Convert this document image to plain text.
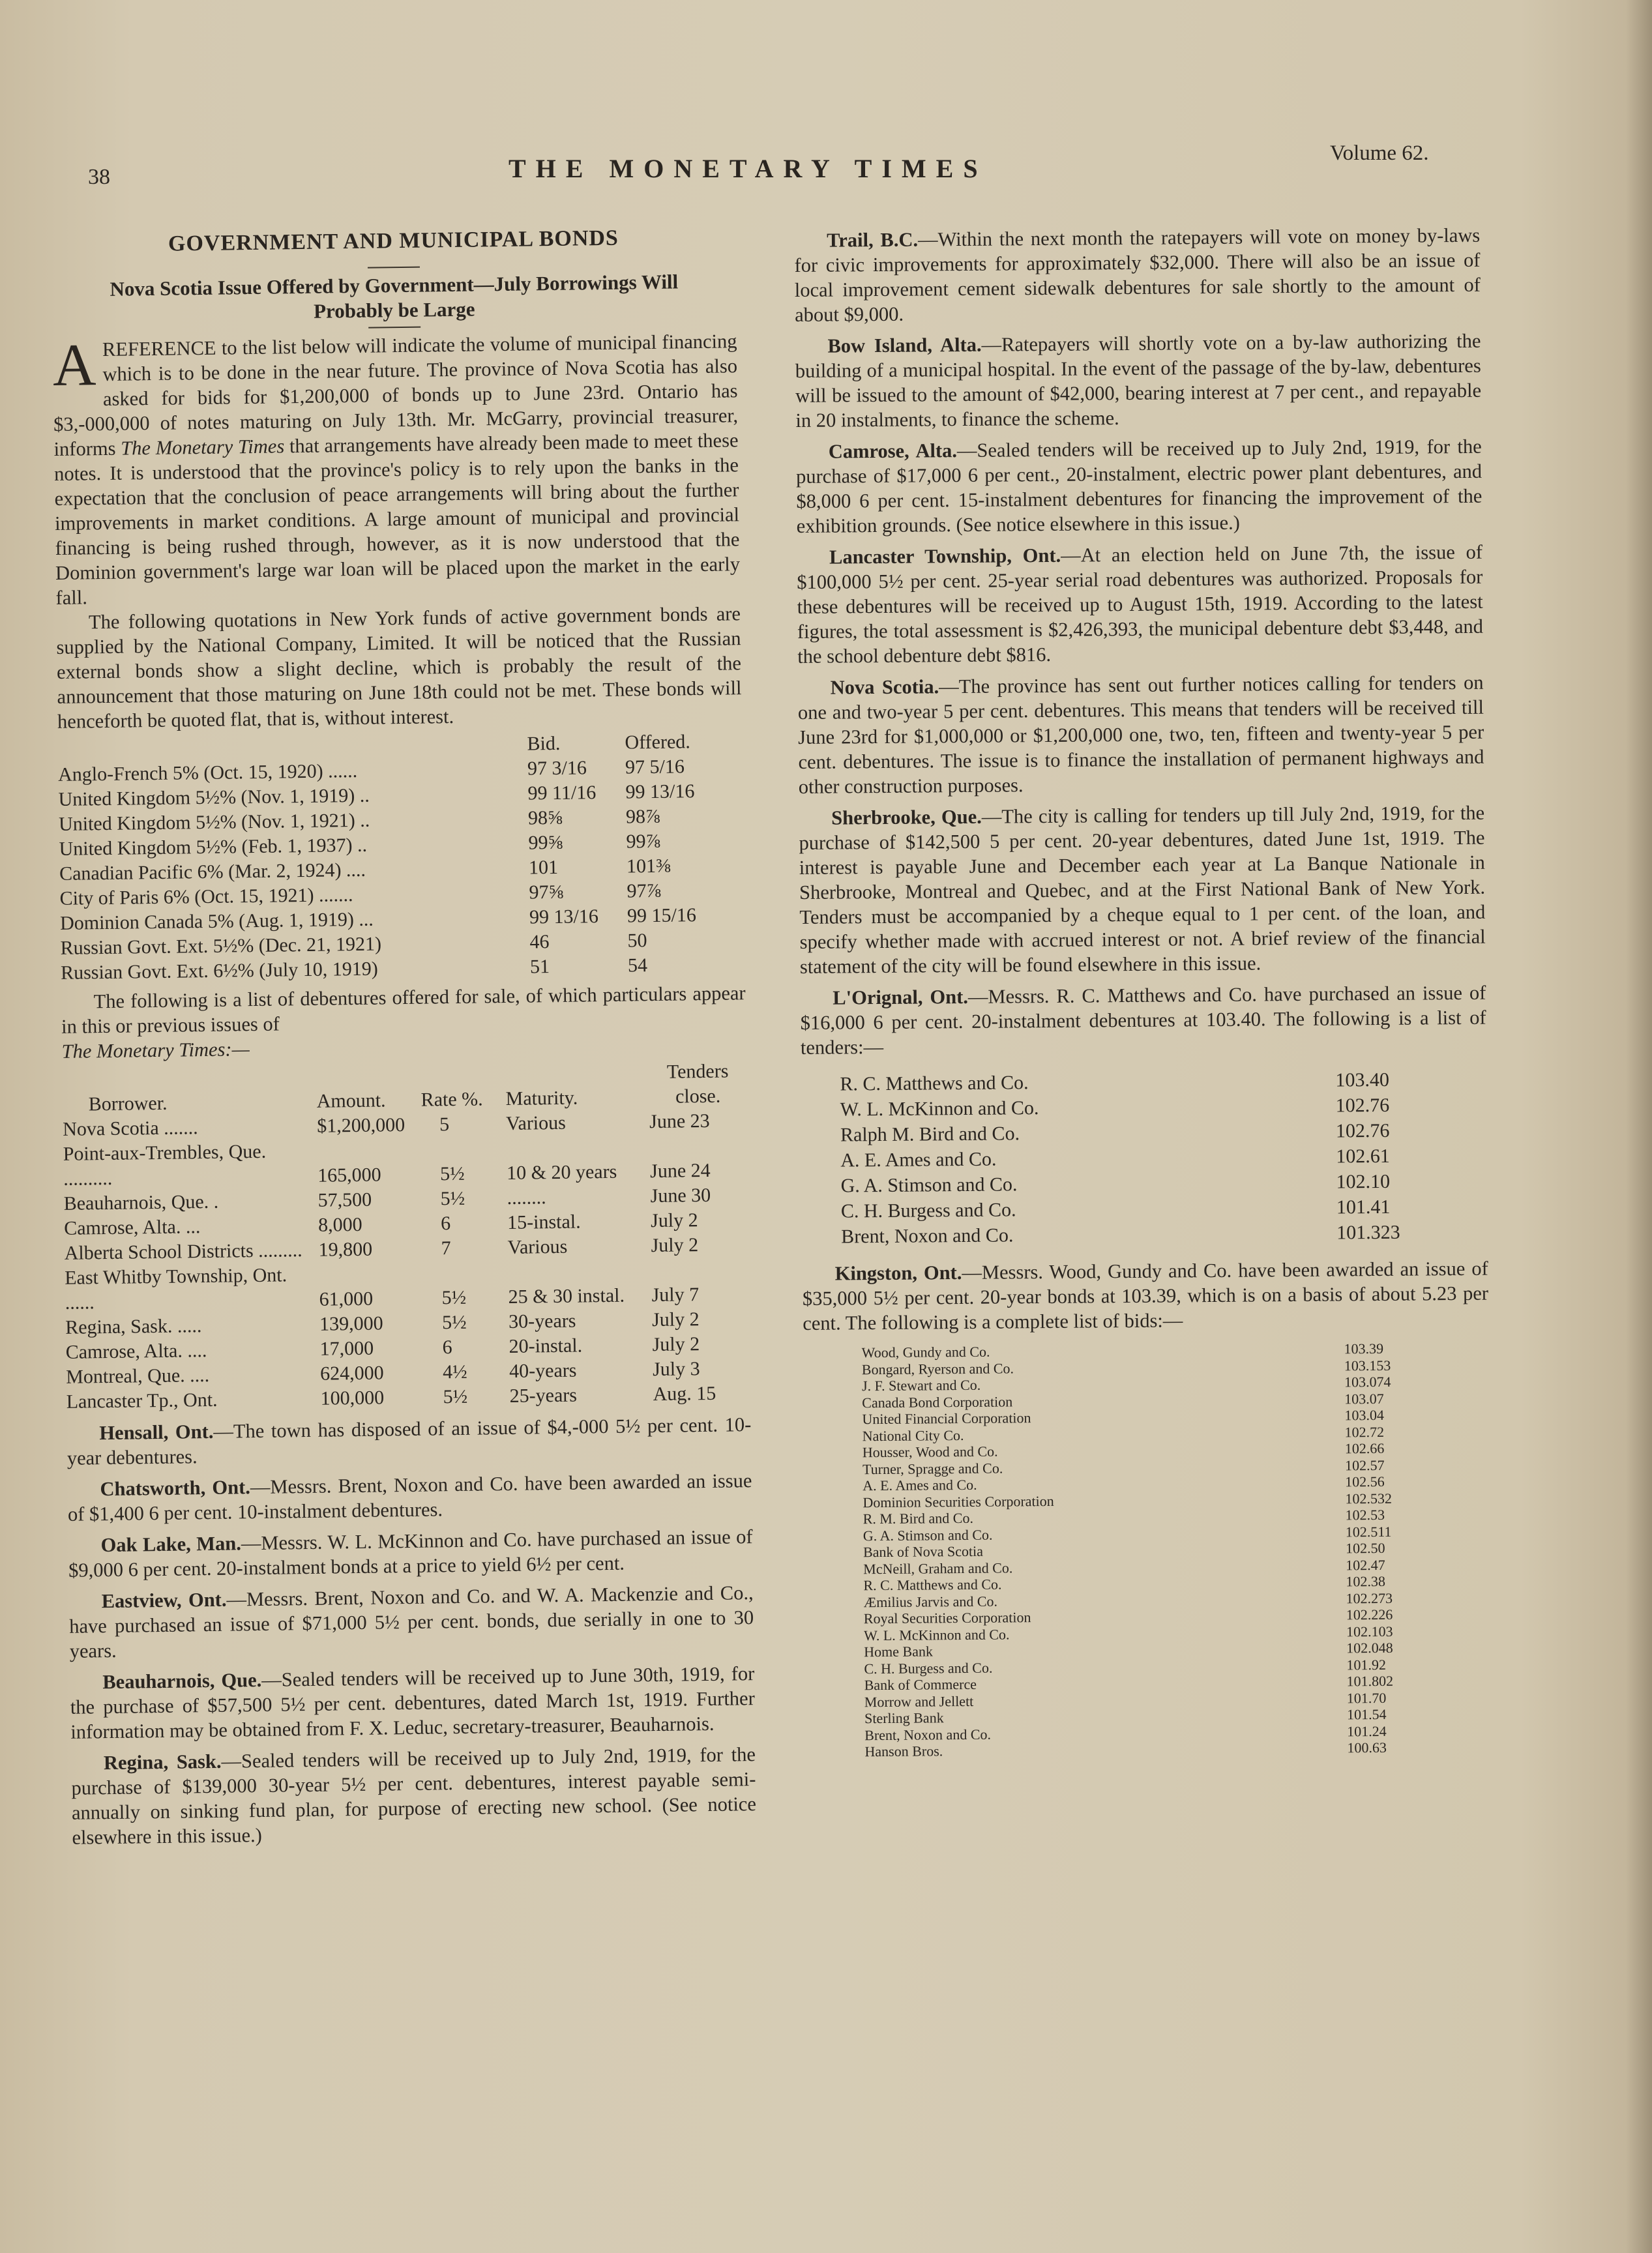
38	THE MONETARY TIMES
Volume 62.
GOVERNMENT AND MUNICIPAL BONDS
Nova Scotia Issue Offered by Government—July Borrowings Will Probably be Large

AREFERENCE to the list below will indicate the volume of municipal financing which is to be done in the near future. The province of Nova Scotia has also asked for bids for $1,200,000 of bonds up to June 23rd. Ontario has $3,-000,000 of notes maturing on July 13th. Mr. McGarry, provincial treasurer, informs The Monetary Times that arrangements have already been made to meet these notes. It is understood that the province's policy is to rely upon the banks in the expectation that the conclusion of peace arrangements will bring about the further improvements in market conditions. A large amount of municipal and provincial financing is being rushed through, however, as it is now understood that the Dominion government's large war loan will be placed upon the market in the early fall.

The following quotations in New York funds of active government bonds are supplied by the National Company, Limited. It will be noticed that the Russian external bonds show a slight decline, which is probably the result of the announcement that those maturing on June 18th could not be met. These bonds will henceforth be quoted flat, that is, without interest.

	Bid.	Offered.
Anglo-French 5% (Oct. 15, 1920) ......	97 3/16	97 5/16
United Kingdom 5½% (Nov. 1, 1919) ..	99 11/16	99 13/16
United Kingdom 5½% (Nov. 1, 1921) ..	98⅝	98⅞
United Kingdom 5½% (Feb. 1, 1937) ..	99⅝	99⅞
Canadian Pacific 6% (Mar. 2, 1924) ....	101	101⅜
City of Paris 6% (Oct. 15, 1921) .......	97⅝	97⅞
Dominion Canada 5% (Aug. 1, 1919) ...	99 13/16	99 15/16
Russian Govt. Ext. 5½% (Dec. 21, 1921)	46	50
Russian Govt. Ext. 6½% (July 10, 1919)	51	54

The following is a list of debentures offered for sale, of which particulars appear in this or previous issues of
The Monetary Times:—

Borrower.	Amount.	Rate %.	Maturity.	Tenders close.
Nova Scotia .......	$1,200,000	5	Various	June 23
Point-aux-Trembles, Que. ..........	165,000	5½	10 & 20 years	June 24
Beauharnois, Que. .	57,500	5½	........	June 30
Camrose, Alta. ...	8,000	6	15-instal.	July 2
Alberta School Districts .........	19,800	7	Various	July 2
East Whitby Township, Ont. ......	61,000	5½	25 & 30 instal.	July 7
Regina, Sask. .....	139,000	5½	30-years	July 2
Camrose, Alta. ....	17,000	6	20-instal.	July 2
Montreal, Que. ....	624,000	4½	40-years	July 3
Lancaster Tp., Ont.	100,000	5½	25-years	Aug. 15

Hensall, Ont.—The town has disposed of an issue of $4,-000 5½ per cent. 10-year debentures.

Chatsworth, Ont.—Messrs. Brent, Noxon and Co. have been awarded an issue of $1,400 6 per cent. 10-instalment debentures.

Oak Lake, Man.—Messrs. W. L. McKinnon and Co. have purchased an issue of $9,000 6 per cent. 20-instalment bonds at a price to yield 6½ per cent.

Eastview, Ont.—Messrs. Brent, Noxon and Co. and W. A. Mackenzie and Co., have purchased an issue of $71,000 5½ per cent. bonds, due serially in one to 30 years.

Beauharnois, Que.—Sealed tenders will be received up to June 30th, 1919, for the purchase of $57,500 5½ per cent. debentures, dated March 1st, 1919. Further information may be obtained from F. X. Leduc, secretary-treasurer, Beauharnois.

Regina, Sask.—Sealed tenders will be received up to July 2nd, 1919, for the purchase of $139,000 30-year 5½ per cent. debentures, interest payable semi-annually on sinking fund plan, for purpose of erecting new school. (See notice elsewhere in this issue.)

Trail, B.C.—Within the next month the ratepayers will vote on money by-laws for civic improvements for approximately $32,000. There will also be an issue of local improvement cement sidewalk debentures for sale shortly to the amount of about $9,000.

Bow Island, Alta.—Ratepayers will shortly vote on a by-law authorizing the building of a municipal hospital. In the event of the passage of the by-law, debentures will be issued to the amount of $42,000, bearing interest at 7 per cent., and repayable in 20 instalments, to finance the scheme.

Camrose, Alta.—Sealed tenders will be received up to July 2nd, 1919, for the purchase of $17,000 6 per cent., 20-instalment, electric power plant debentures, and $8,000 6 per cent. 15-instalment debentures for financing the improvement of the exhibition grounds. (See notice elsewhere in this issue.)

Lancaster Township, Ont.—At an election held on June 7th, the issue of $100,000 5½ per cent. 25-year serial road debentures was authorized. Proposals for these debentures will be received up to August 15th, 1919. According to the latest figures, the total assessment is $2,426,393, the municipal debenture debt $3,448, and the school debenture debt $816.

Nova Scotia.—The province has sent out further notices calling for tenders on one and two-year 5 per cent. debentures. This means that tenders will be received till June 23rd for $1,000,000 or $1,200,000 one, two, ten, fifteen and twenty-year 5 per cent. debentures. The issue is to finance the installation of permanent highways and other construction purposes.

Sherbrooke, Que.—The city is calling for tenders up till July 2nd, 1919, for the purchase of $142,500 5 per cent. 20-year debentures, dated June 1st, 1919. The interest is payable June and December each year at La Banque Nationale in Sherbrooke, Montreal and Quebec, and at the First National Bank of New York. Tenders must be accompanied by a cheque equal to 1 per cent. of the loan, and specify whether made with accrued interest or not. A brief review of the financial statement of the city will be found elsewhere in this issue.

L'Orignal, Ont.—Messrs. R. C. Matthews and Co. have purchased an issue of $16,000 6 per cent. 20-instalment debentures at 103.40. The following is a list of tenders:—

R. C. Matthews and Co.	103.40
W. L. McKinnon and Co.	102.76
Ralph M. Bird and Co.	102.76
A. E. Ames and Co.	102.61
G. A. Stimson and Co.	102.10
C. H. Burgess and Co.	101.41
Brent, Noxon and Co.	101.323

Kingston, Ont.—Messrs. Wood, Gundy and Co. have been awarded an issue of $35,000 5½ per cent. 20-year bonds at 103.39, which is on a basis of about 5.23 per cent. The following is a complete list of bids:—

Wood, Gundy and Co.	103.39
Bongard, Ryerson and Co.	103.153
J. F. Stewart and Co.	103.074
Canada Bond Corporation	103.07
United Financial Corporation	103.04
National City Co.	102.72
Housser, Wood and Co.	102.66
Turner, Spragge and Co.	102.57
A. E. Ames and Co.	102.56
Dominion Securities Corporation	102.532
R. M. Bird and Co.	102.53
G. A. Stimson and Co.	102.511
Bank of Nova Scotia	102.50
McNeill, Graham and Co.	102.47
R. C. Matthews and Co.	102.38
Æmilius Jarvis and Co.	102.273
Royal Securities Corporation	102.226
W. L. McKinnon and Co.	102.103
Home Bank	102.048
C. H. Burgess and Co.	101.92
Bank of Commerce	101.802
Morrow and Jellett	101.70
Sterling Bank	101.54
Brent, Noxon and Co.	101.24
Hanson Bros.	100.63
